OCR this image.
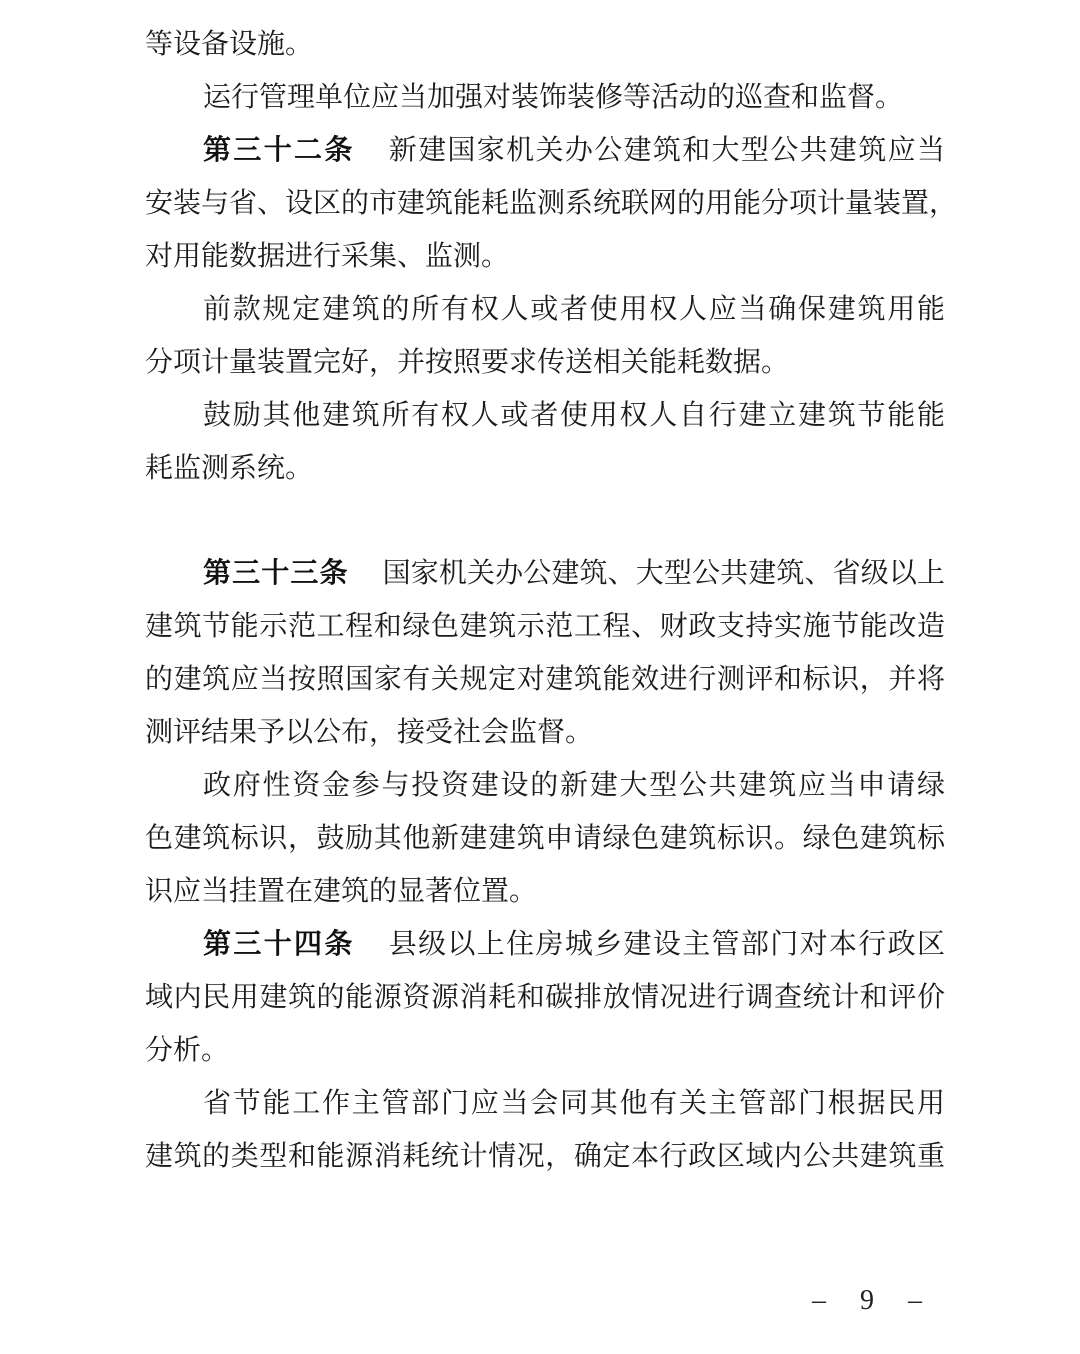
等设备设施。
运行管理单位应当加强对装饰装修等活动的巡查和监督。
第三十二条 新建国家机关办公建筑和大型公共建筑应当
安装与省、设区的市建筑能耗监测系统联网的用能分项计量装置，
对用能数据进行采集、监测。
前款规定建筑的所有权人或者使用权人应当确保建筑用能
分项计量装置完好，并按照要求传送相关能耗数据。
鼓励其他建筑所有权人或者使用权人自行建立建筑节能能
耗监测系统。
第三十三条 国家机关办公建筑、大型公共建筑、省级以上
建筑节能示范工程和绿色建筑示范工程、财政支持实施节能改造
的建筑应当按照国家有关规定对建筑能效进行测评和标识，并将
测评结果予以公布，接受社会监督。
政府性资金参与投资建设的新建大型公共建筑应当申请绿
色建筑标识，鼓励其他新建建筑申请绿色建筑标识。绿色建筑标
识应当挂置在建筑的显著位置。
第三十四条 县级以上住房城乡建设主管部门对本行政区
域内民用建筑的能源资源消耗和碳排放情况进行调查统计和评价
分析。
省节能工作主管部门应当会同其他有关主管部门根据民用
建筑的类型和能源消耗统计情况，确定本行政区域内公共建筑重
– 9 –
